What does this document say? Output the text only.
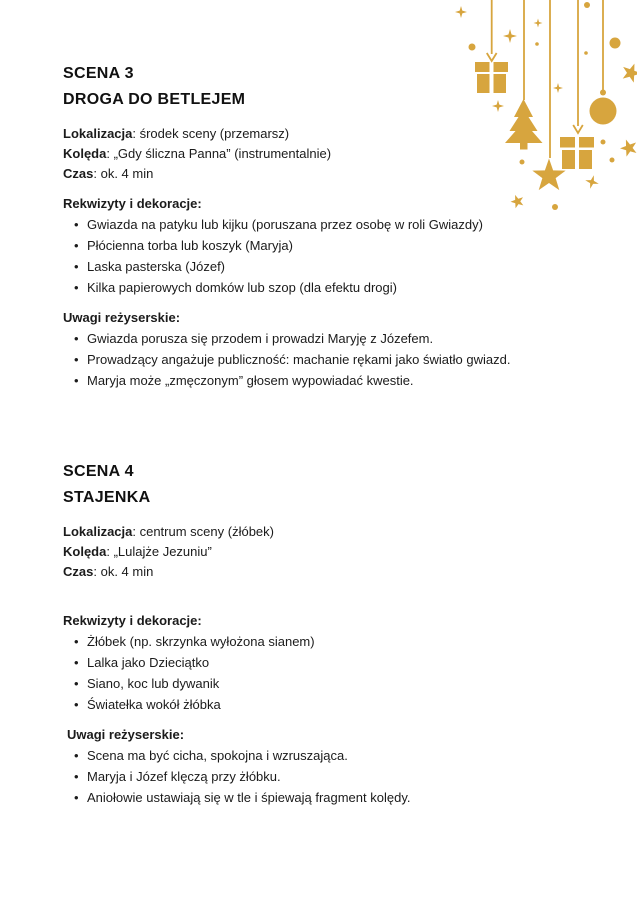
SCENA 3
DROGA DO BETLEJEM

Lokalizacja: środek sceny (przemarsz)

Kolęda: „Gdy śliczna Panna” (instrumentalnie)

Czas: ok. 4 min

Rekwizyty i dekoracje:

• Gwiazda na patyku lub kijku (poruszana przez osobę w roli Gwiazdy)
• Płócienna torba lub koszyk (Maryja)
• Laska pasterska (Józef)
• Kilka papierowych domków lub szop (dla efektu drogi)

Uwagi reżyserskie:

• Gwiazda porusza się przodem i prowadzi Maryję z Józefem.
• Prowadzący angażuje publiczność: machanie rękami jako światło gwiazd.
• Maryja może „zmęczonym” głosem wypowiadać kwestie.
SCENA 4
STAJENKA

Lokalizacja: centrum sceny (żłóbek)

Kolęda: „Lulajże Jezuniu”

Czas: ok. 4 min

Rekwizyty i dekoracje:

• Żłóbek (np. skrzynka wyłożona sianem)
• Lalka jako Dzieciątko
• Siano, koc lub dywanik
• Światełka wokół żłóbka

Uwagi reżyserskie:

• Scena ma być cicha, spokojna i wzruszająca.
• Maryja i Józef klęczą przy żłóbku.
• Aniołowie ustawiają się w tle i śpiewają fragment kolędy.
